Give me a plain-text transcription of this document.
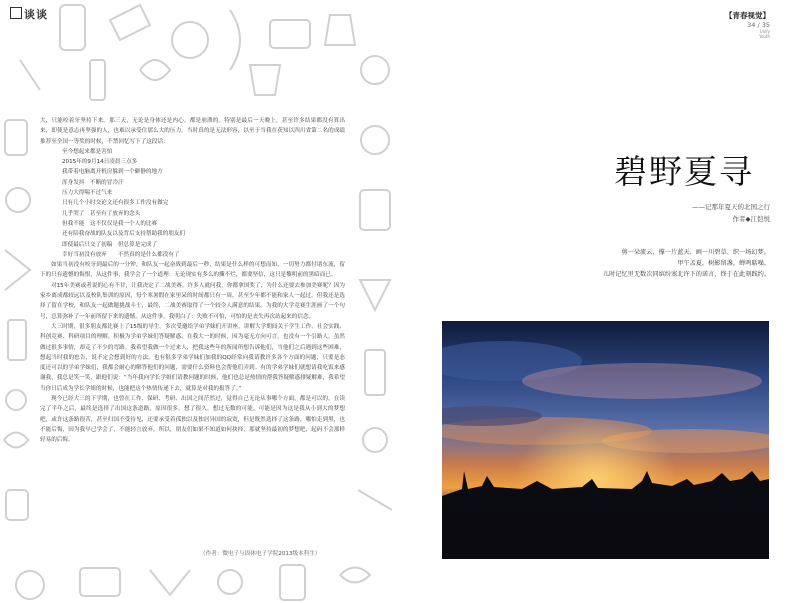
谈谈

大，只能咬着牙坚持下来。那三天，无论是身体还是内心，都是崩溃的。特别是最后一天晚上，甚至许多结果都没有算出来，即使是意志再坚强的人，也难以承受住那么大的压力。当时真的是无法形容，以至于当我在获知以四川省第二名的成绩推荐至全国一等奖的时候，不禁回忆写下了这段话：

至今想起来都是害怕
2015年的9月14日凌晨三点多
我带着电脑离开机房躲到一个僻静的地方
浑身发抖　不断的冒冷汗
压力大得喘不过气来
只有几个小时交论文还有很多工作没有做完
几乎哭了　甚至有了放弃的念头
但我不能　这不仅仅是我一个人的比赛
还有陪我奋战的队友以及背后支持帮助我的朋友们
即使最后只交了初稿　但总算是完成了
幸好当初没有放弃　　不然真的是什么都没有了

如果当初没有咬牙到最后的一分钟，和队友一起奋战到最后一秒，结果是什么样的可想而知，一切努力都付诸东流，留下的只有遗憾的悔恨，从这件事，我学会了一个道理：无论现实有多么的撕不烂，都要坚信，这只是黎明前的黑暗而已。

对15年美赛或者说的心有不甘，让我决定了二战美赛。许多人就问我，你都拿国奖了，为什么还要去参加美赛呢？因为家乡离成都较远以及校队集训的原因，每个寒暑假在家里呆的时间都只有一周，甚至少年都不能和家人一起过。但我还是选择了留在学校，和队友一起做题挑战斗士，最终，二战美赛取得了一个较令人满意的结果。为我的大学竞赛生涯画了一个句号，总算弥补了一年前所留下来的遗憾。从这件事，我明白了：失败不可怕，可怕的是丧失再次站起来的信念。

大三时期，很多朋友都比赛上了15级的导生。多次受邀给学弟学妹们开讲座，讲解大学期间关于学生工作、社会实践、科创竞赛、科研项目的理解。积极为学弟学妹们答疑解惑。在我大一的时候，因为毫无方向可言，也没有一个引路人，虽然做过很多事情，却走了不少的弯路。我希望我做一个过来人，把我这些年的所闻所想告诉他们，当他们之后遇到这些困难，想起当时我的忠告，说不定会想到好的方法。也有很多学弟学妹们加我的QQ经常向我请教许多各个方面的问题，只要是态度还可以的学弟学妹们，我都会耐心的解答他们的问题，需要什么资料也会帮他们弄到。有的学弟学妹们就想请我吃饭来感谢我，我总是笑一笑，跟他们说：“当年我向学长学姐们请教问题的时候，他们也总是热情的帮我答疑解惑排疑解难，我希望当你日后成为学长学姐的时候，也能把这个热情传递下去，就算是对我的报答了。”

现今已经大三的下学期，也曾在工作、保研、考研、出国之间茫然过，觉得自己无论从事哪个方面，都是可以的。在读完了半年之后，最终是选择了出国这条道路，原因很多，想了很久，想过无数的可能。可能是因为这是我从小到大的梦想吧，或许这条路很苦，甚至归国不受待见，还要承受着孤独以及独居异国的寂寞，但是既然选择了这条路，哪怕走到黑，也不能后悔，因为我早已学会了，不能轻言放弃。所以，朋友们如果不知道如何抉择，那就坚持最初的梦想吧，起码不会那样轻易的后悔。

（作者：微电子与固体电子学院2013级本科生）
【青春视觉】
34 / 35
Unify
Youth
碧野夏寻
——记那年夏天的北国之行
作者◆江恺悦
剪一朵流云、撑一片蓝天、画一川碧草、织一场幻梦。
甲午孟夏，树影留盏，蝉鸣聒噪。
儿时记忆里无数次同缤纷塞北许下的诺言，终于在此刻践约。
